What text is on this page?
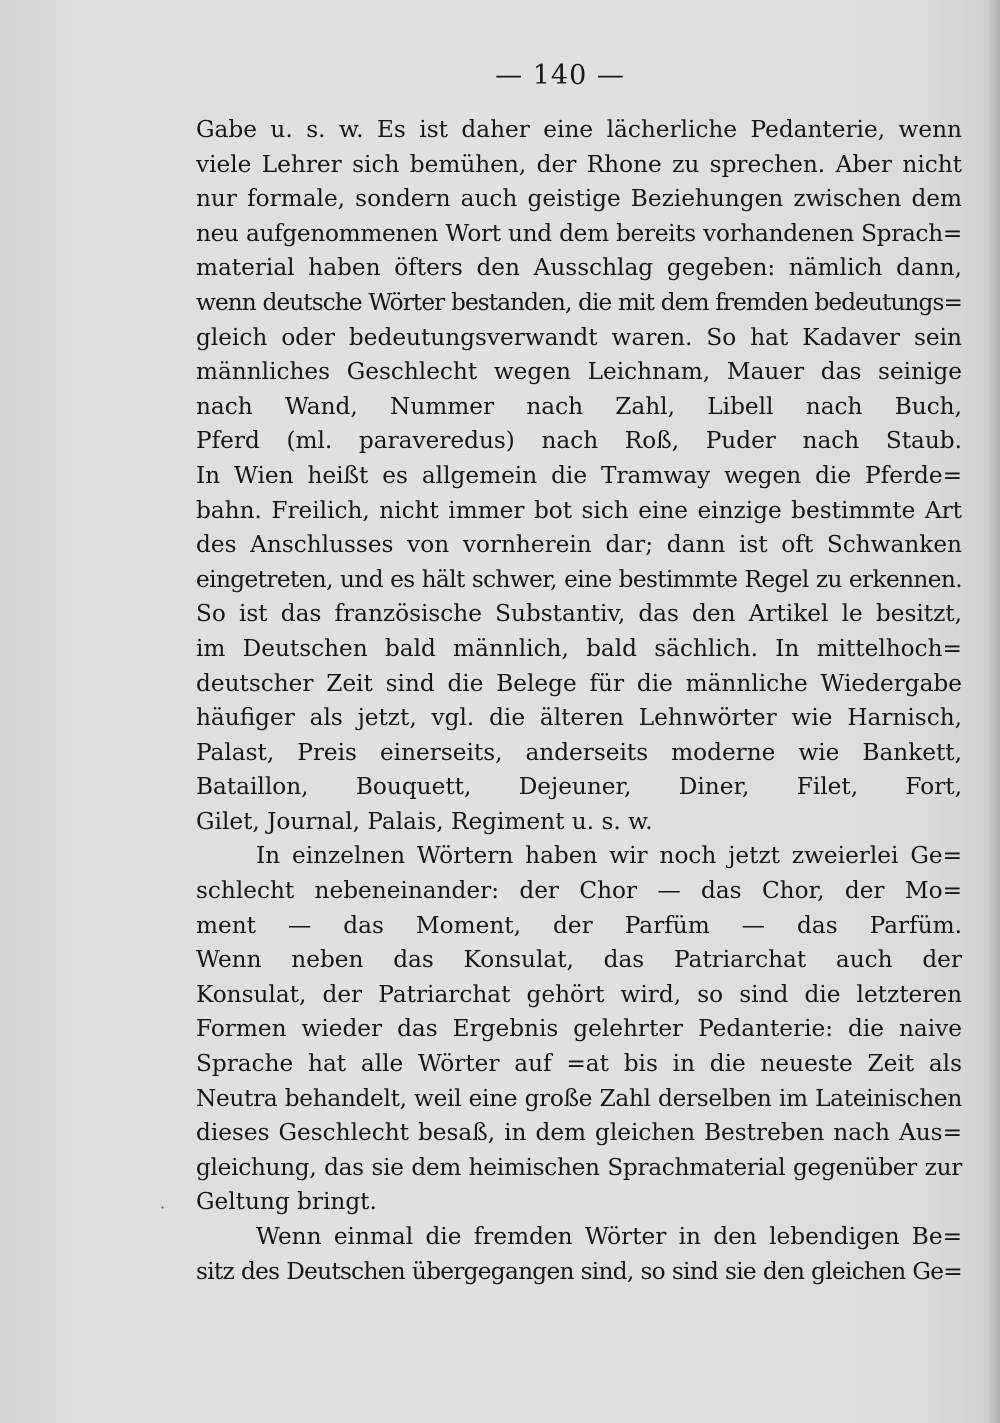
— 140 —
·
Gabe u. s. w. Es ist daher eine lächerliche Pedanterie, wenn
viele Lehrer sich bemühen, der Rhone zu sprechen. Aber nicht
nur formale, sondern auch geistige Beziehungen zwischen dem
neu aufgenommenen Wort und dem bereits vorhandenen Sprach=
material haben öfters den Ausschlag gegeben: nämlich dann,
wenn deutsche Wörter bestanden, die mit dem fremden bedeutungs=
gleich oder bedeutungsverwandt waren. So hat Kadaver sein
männliches Geschlecht wegen Leichnam, Mauer das seinige
nach Wand, Nummer nach Zahl, Libell nach Buch,
Pferd (ml. paraveredus) nach Roß, Puder nach Staub.
In Wien heißt es allgemein die Tramway wegen die Pferde=
bahn. Freilich, nicht immer bot sich eine einzige bestimmte Art
des Anschlusses von vornherein dar; dann ist oft Schwanken
eingetreten, und es hält schwer, eine bestimmte Regel zu erkennen.
So ist das französische Substantiv, das den Artikel le besitzt,
im Deutschen bald männlich, bald sächlich. In mittelhoch=
deutscher Zeit sind die Belege für die männliche Wiedergabe
häufiger als jetzt, vgl. die älteren Lehnwörter wie Harnisch,
Palast, Preis einerseits, anderseits moderne wie Bankett,
Bataillon, Bouquett, Dejeuner, Diner, Filet, Fort,
Gilet, Journal, Palais, Regiment u. s. w.
In einzelnen Wörtern haben wir noch jetzt zweierlei Ge=
schlecht nebeneinander: der Chor — das Chor, der Mo=
ment — das Moment, der Parfüm — das Parfüm.
Wenn neben das Konsulat, das Patriarchat auch der
Konsulat, der Patriarchat gehört wird, so sind die letzteren
Formen wieder das Ergebnis gelehrter Pedanterie: die naive
Sprache hat alle Wörter auf =at bis in die neueste Zeit als
Neutra behandelt, weil eine große Zahl derselben im Lateinischen
dieses Geschlecht besaß, in dem gleichen Bestreben nach Aus=
gleichung, das sie dem heimischen Sprachmaterial gegenüber zur
Geltung bringt.
Wenn einmal die fremden Wörter in den lebendigen Be=
sitz des Deutschen übergegangen sind, so sind sie den gleichen Ge=
